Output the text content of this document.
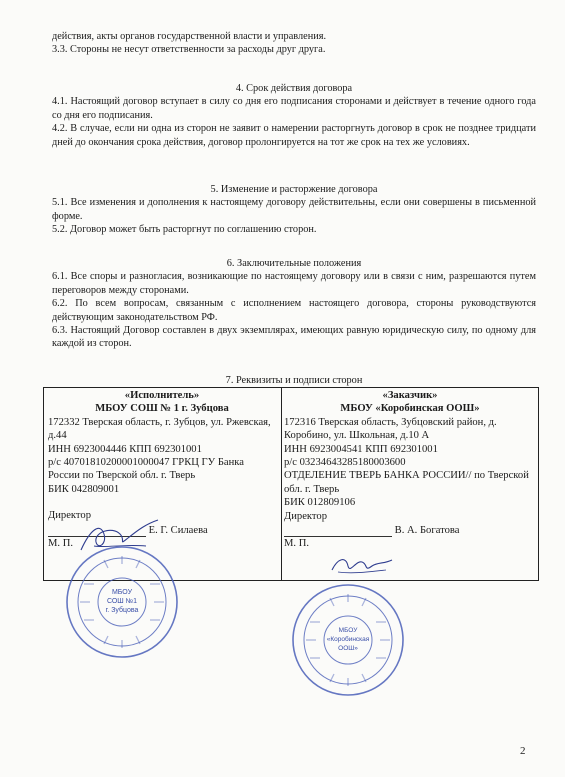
действия, акты органов государственной власти и управления.

3.3. Стороны не несут ответственности за расходы друг друга.

4. Срок действия договора

4.1. Настоящий договор вступает в силу со дня его подписания сторонами и действует в течение одного года со дня его подписания.

4.2. В случае, если ни одна из сторон не заявит о намерении расторгнуть договор в срок не позднее тридцати дней до окончания срока действия, договор пролонгируется на тот же срок на тех же условиях.

5. Изменение и расторжение договора

5.1. Все изменения и дополнения к настоящему договору действительны, если они совершены в письменной форме.

5.2. Договор может быть расторгнут по соглашению сторон.

6. Заключительные положения

6.1. Все споры и разногласия, возникающие по настоящему договору или в связи с ним, разрешаются путем переговоров между сторонами.

6.2. По всем вопросам, связанным с исполнением настоящего договора, стороны руководствуются действующим законодательством РФ.

6.3. Настоящий Договор составлен в двух экземплярах, имеющих равную юридическую силу, по одному для каждой из сторон.

7. Реквизиты и подписи сторон
«Исполнитель»
МБОУ СОШ № 1 г. Зубцова
172332 Тверская область, г. Зубцов, ул. Ржевская, д.44
ИНН 6923004446 КПП 692301001
р/с 40701810200001000047 ГРКЦ ГУ Банка России по Тверской обл. г. Тверь
БИК 042809001
Директор
Е. Г. Силаева
М. П.
«Заказчик»
МБОУ «Коробинская ООШ»
172316 Тверская область, Зубцовский район, д. Коробино, ул. Школьная, д.10 А
ИНН 6923004541 КПП 692301001
р/с 03234643285180003600
ОТДЕЛЕНИЕ ТВЕРЬ БАНКА РОССИИ// по Тверской обл. г. Тверь
БИК 012809106
Директор
В. А. Богатова
М. П.
МБОУ
СОШ №1
г. Зубцова
МБОУ
«Коробинская
ООШ»
2
